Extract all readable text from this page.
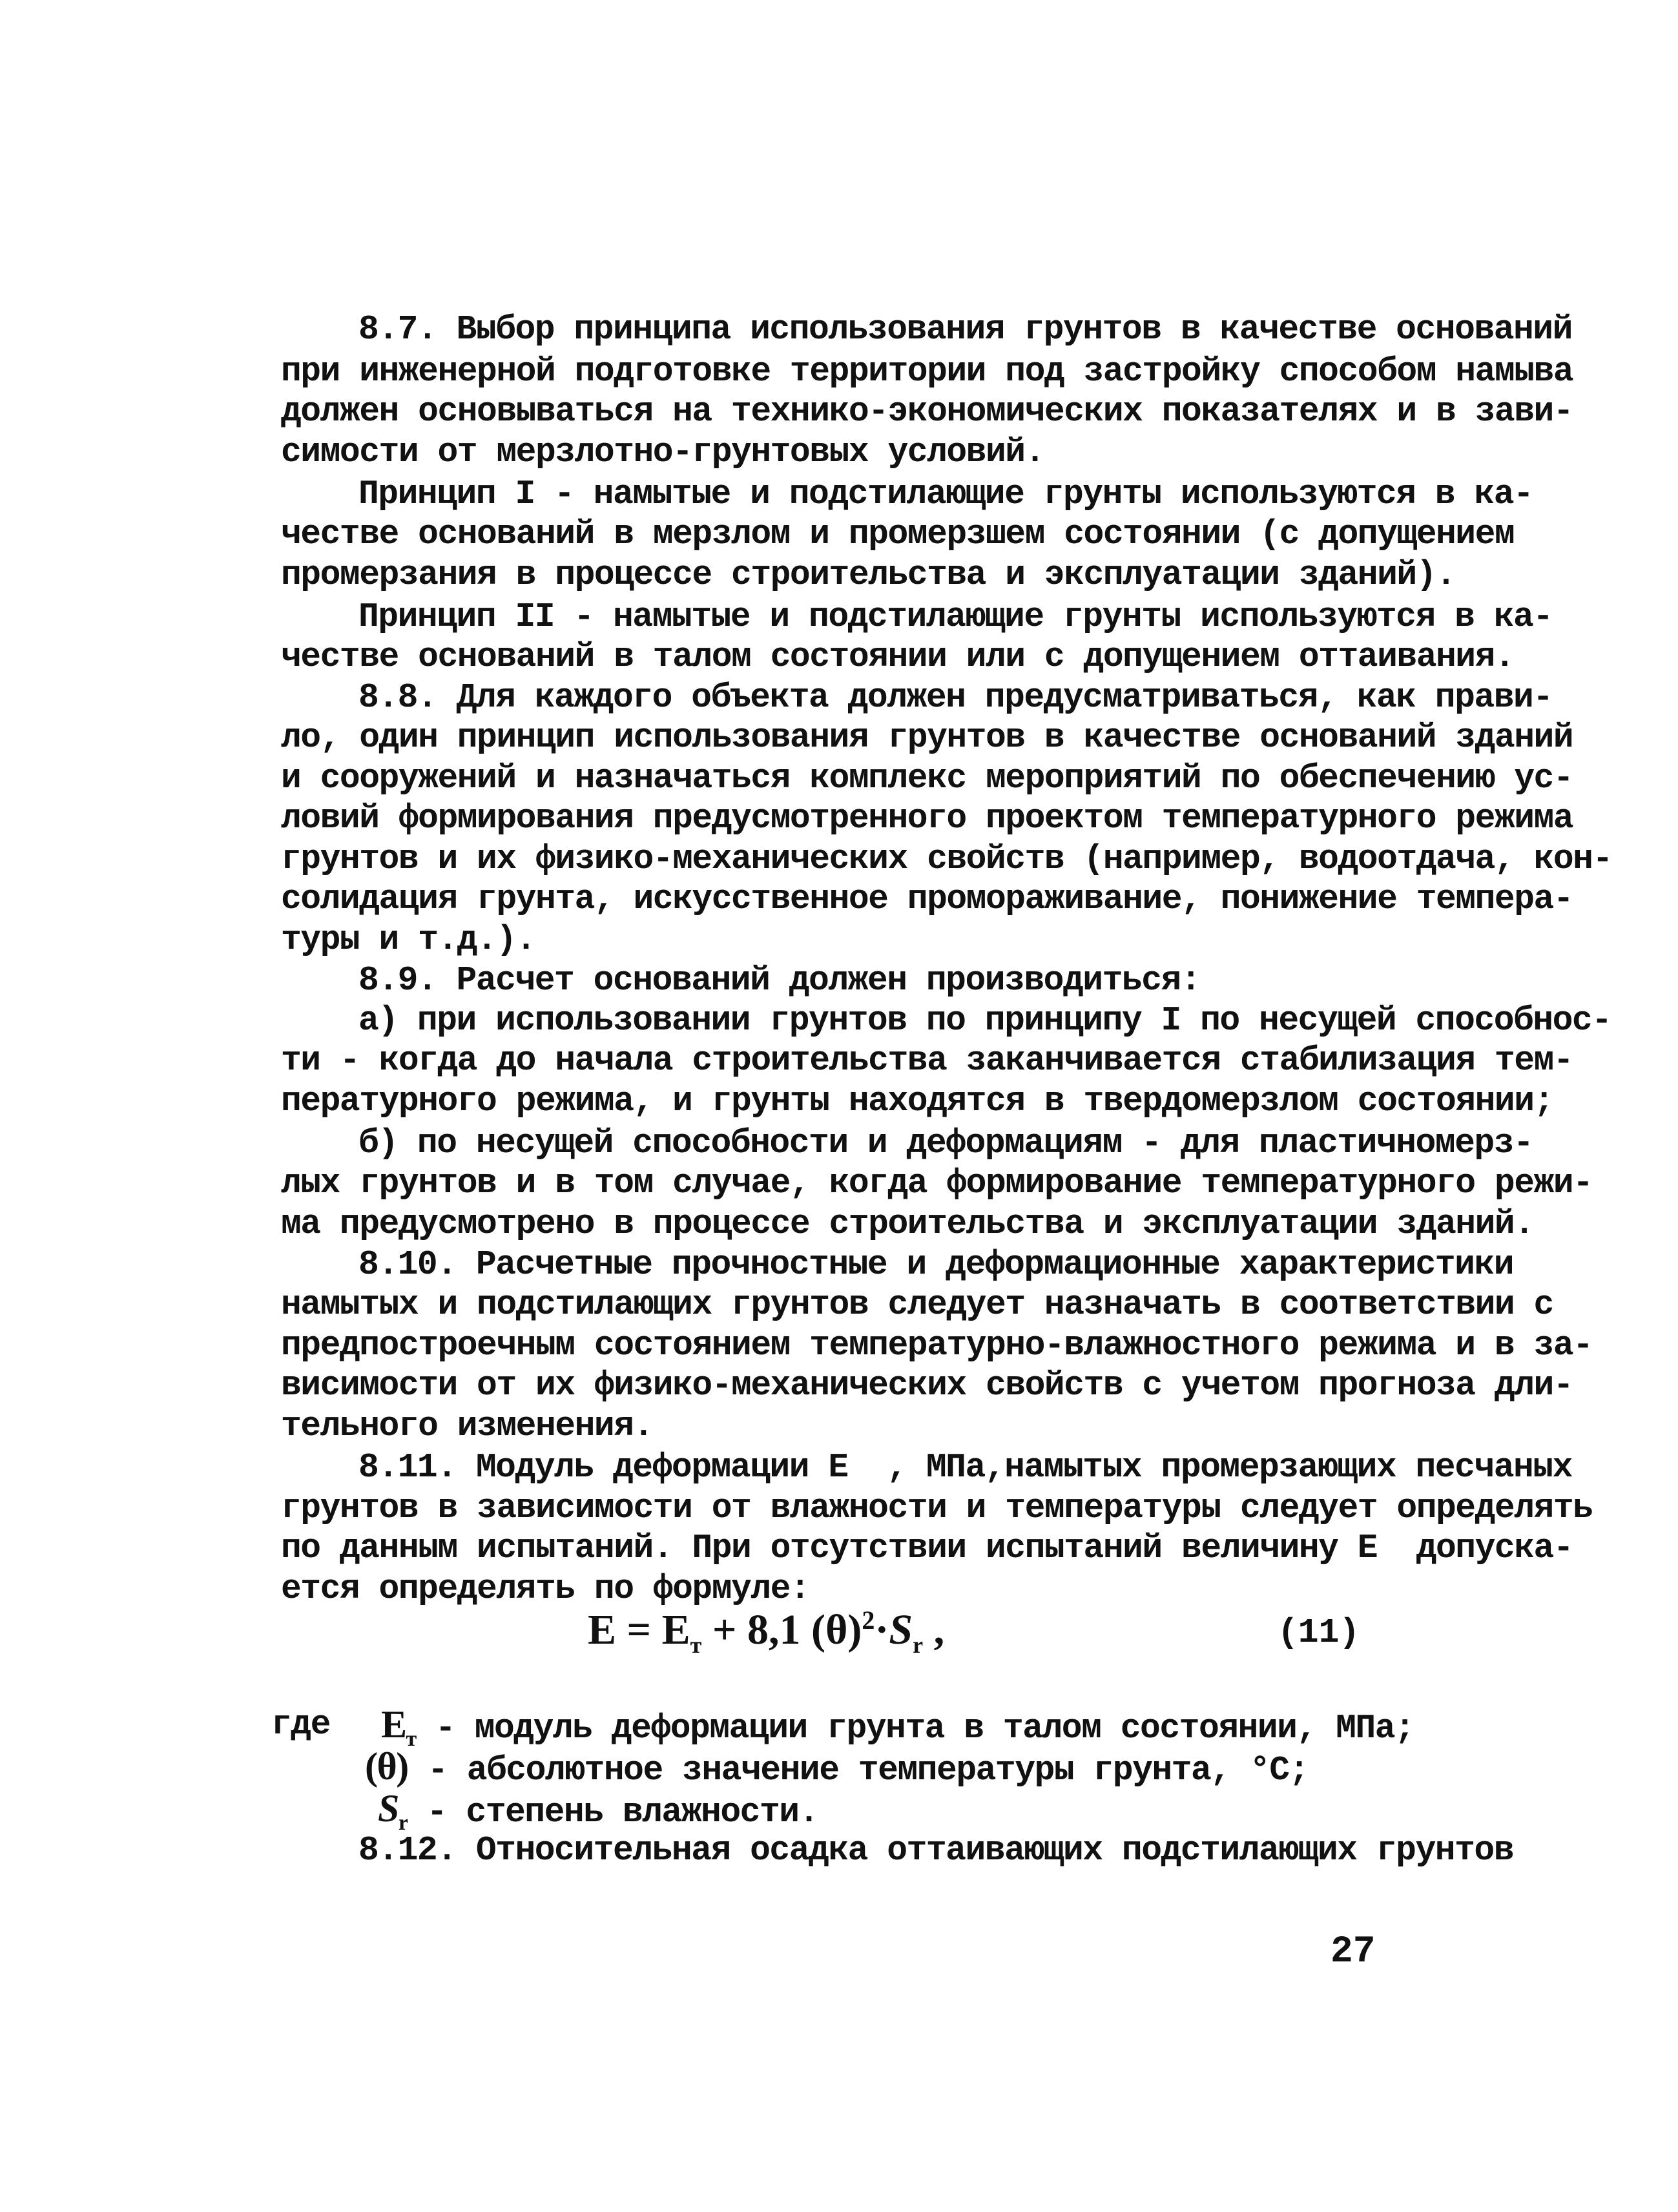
8.7. Выбор принципа использования грунтов в качестве оснований
при инженерной подготовке территории под застройку способом намыва
должен основываться на технико-экономических показателях и в зави-
симости от мерзлотно-грунтовых условий.
Принцип I - намытые и подстилающие грунты используются в ка-
честве оснований в мерзлом и промерзшем состоянии (с допущением
промерзания в процессе строительства и эксплуатации зданий).
Принцип II - намытые и подстилающие грунты используются в ка-
честве оснований в талом состоянии или с допущением оттаивания.
8.8. Для каждого объекта должен предусматриваться, как прави-
ло, один принцип использования грунтов в качестве оснований зданий
и сооружений и назначаться комплекс мероприятий по обеспечению ус-
ловий формирования предусмотренного проектом температурного режима
грунтов и их физико-механических свойств (например, водоотдача, кон-
солидация грунта, искусственное промораживание, понижение темпера-
туры и т.д.).
8.9. Расчет оснований должен производиться:
а) при использовании грунтов по принципу I по несущей способнос-
ти - когда до начала строительства заканчивается стабилизация тем-
пературного режима, и грунты находятся в твердомерзлом состоянии;
б) по несущей способности и деформациям - для пластичномерз-
лых грунтов и в том случае, когда формирование температурного режи-
ма предусмотрено в процессе строительства и эксплуатации зданий.
8.10. Расчетные прочностные и деформационные характеристики
намытых и подстилающих грунтов следует назначать в соответствии с
предпостроечным состоянием температурно-влажностного режима и в за-
висимости от их физико-механических свойств с учетом прогноза дли-
тельного изменения.
8.11. Модуль деформации E  , МПа,намытых промерзающих песчаных
грунтов в зависимости от влажности и температуры следует определять
по данным испытаний. При отсутствии испытаний величину E  допуска-
ется определять по формуле:
$E = E_т + 8,1$ $(\theta)^2\cdot S_r$ ,	(11)
где $E_т$ - модуль деформации грунта в талом состоянии, МПа;
(θ) - абсолютное значение температуры грунта, °С;
$S_r$ - степень влажности.
8.12. Относительная осадка оттаивающих подстилающих грунтов
27
